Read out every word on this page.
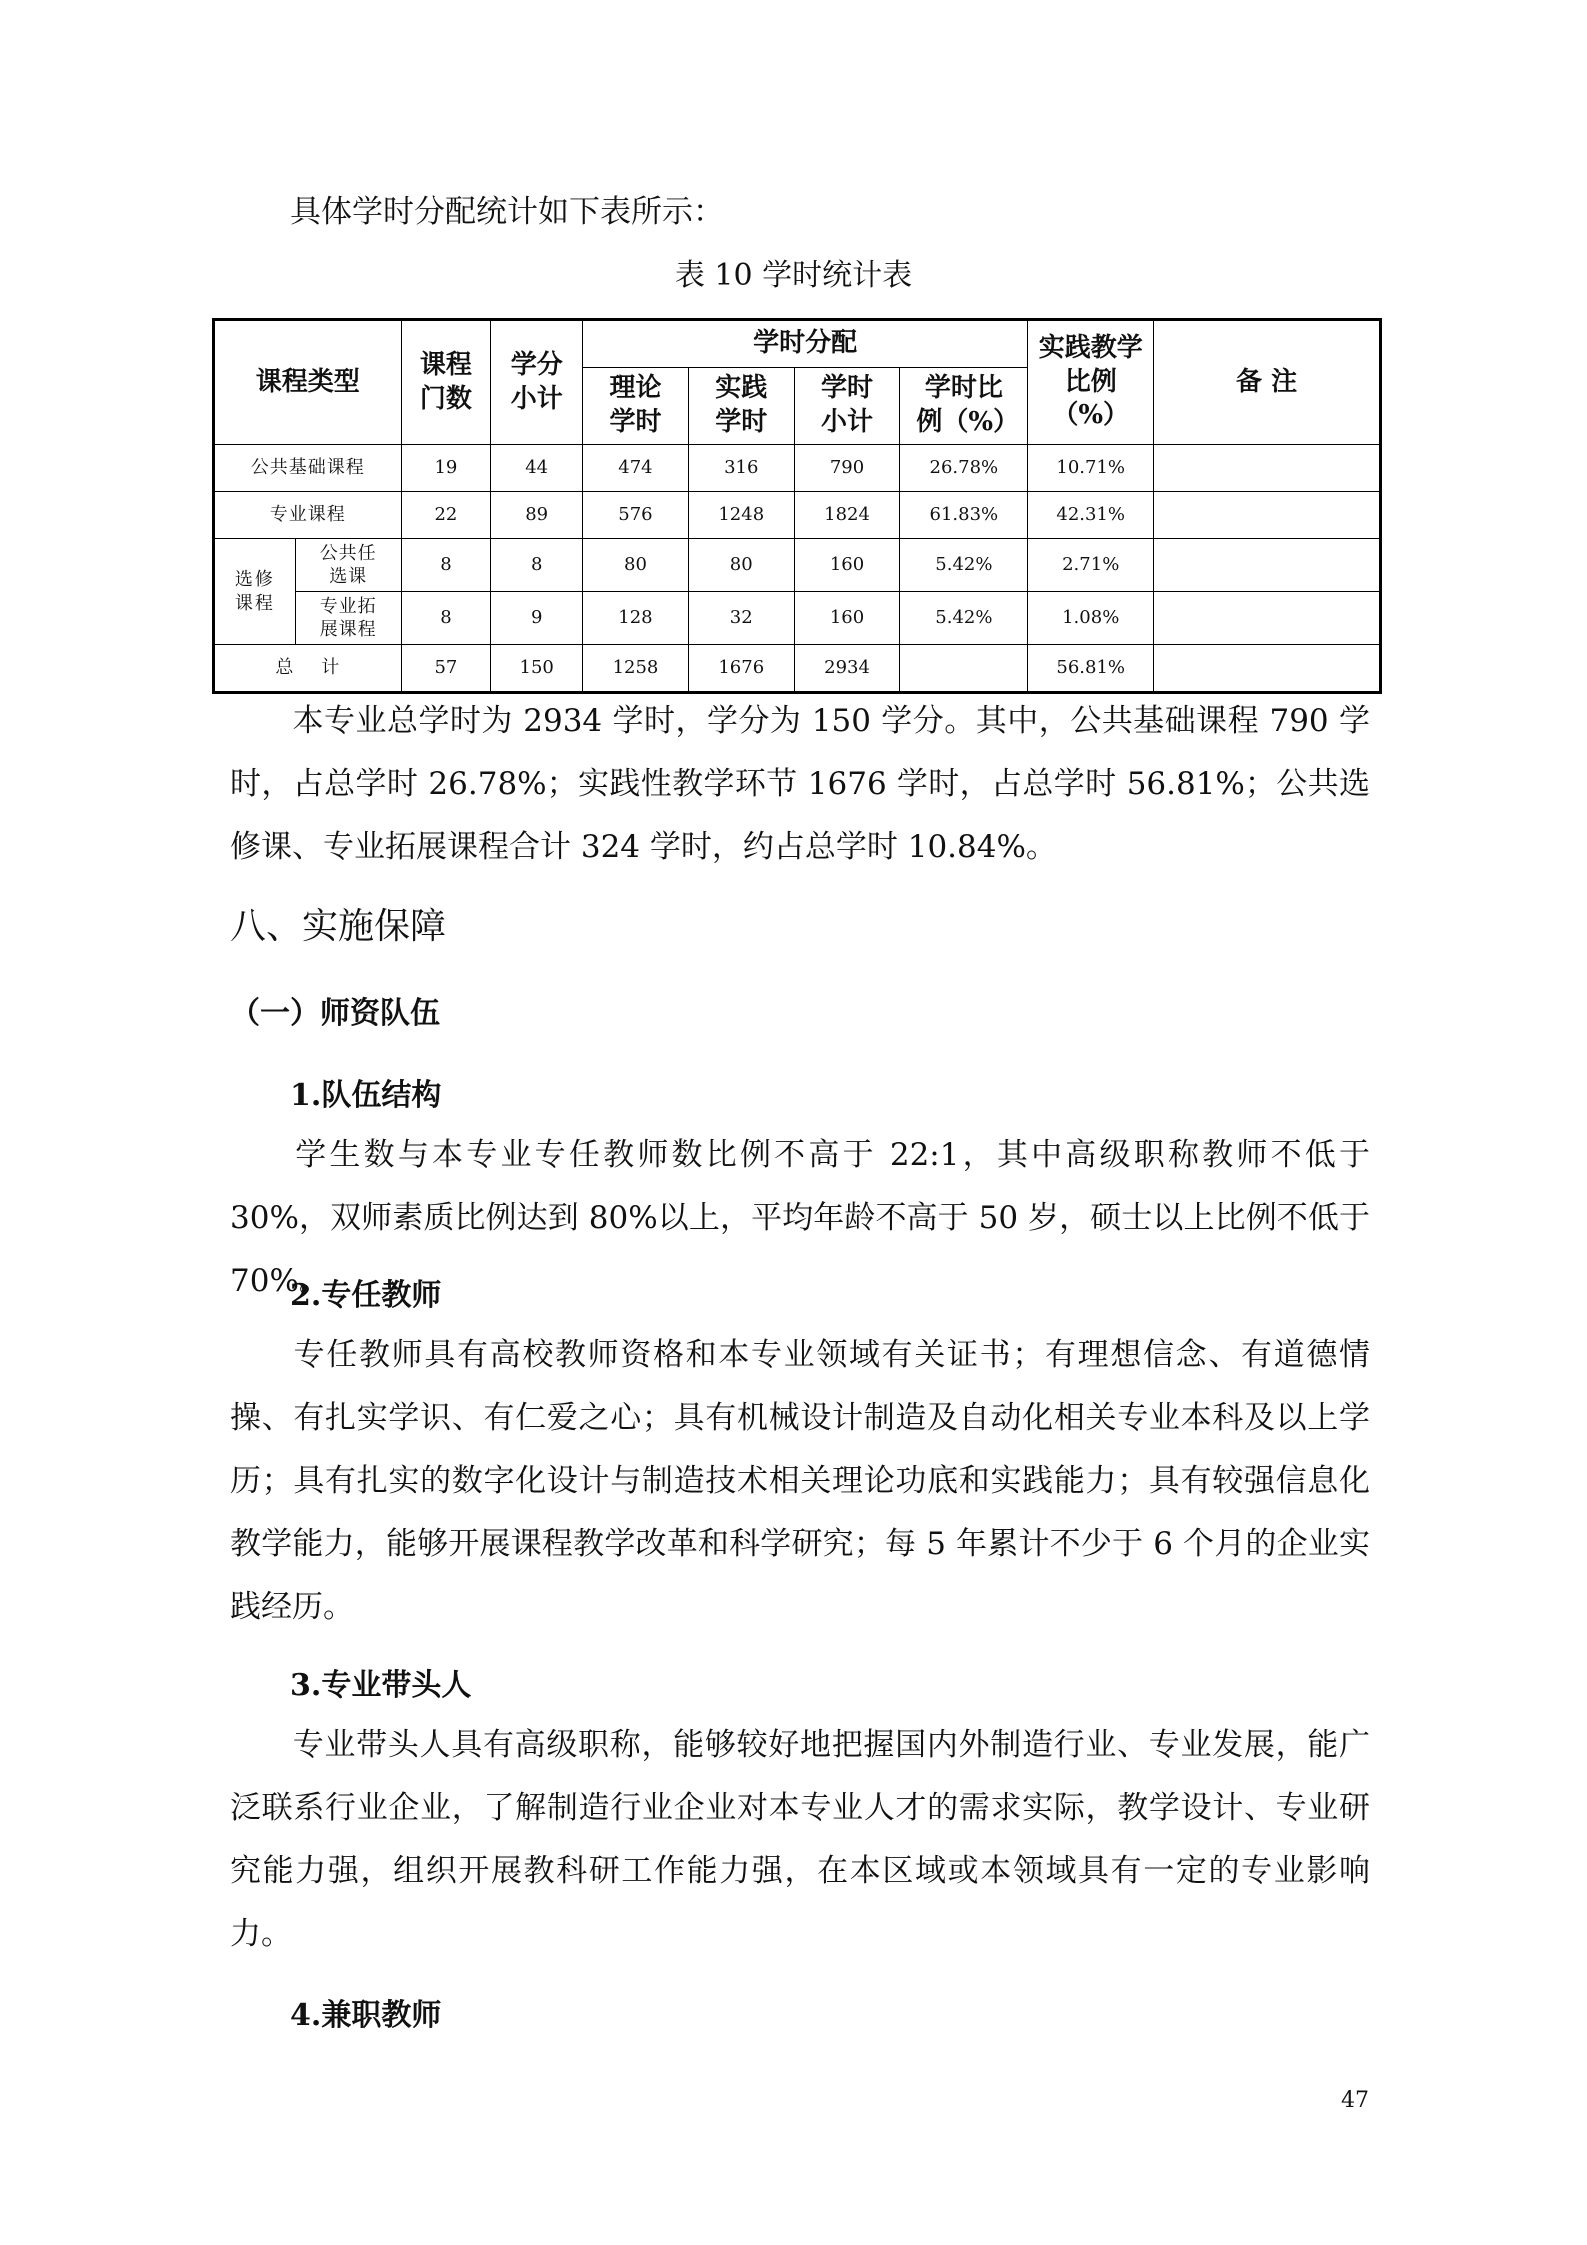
具体学时分配统计如下表所示：
表 10 学时统计表
课程类型		课程门数	学分小计	学时分配				实践教学比例（%）	备 注
				理论学时	实践学时	学时小计	学时比例（%）		
公共基础课程		19	44	474	316	790	26.78%	10.71%	
专业课程		22	89	576	1248	1824	61.83%	42.31%	
选修课程	公共任选课	8	8	80	80	160	5.42%	2.71%	
	专业拓展课程	8	9	128	32	160	5.42%	1.08%	
总    计		57	150	1258	1676	2934		56.81%	
本专业总学时为 2934 学时，学分为 150 学分。其中，公共基础课程 790 学时，占总学时 26.78%；实践性教学环节 1676 学时，占总学时 56.81%；公共选修课、专业拓展课程合计 324 学时，约占总学时 10.84%。
八、实施保障
（一）师资队伍
1.队伍结构
学生数与本专业专任教师数比例不高于 22:1，其中高级职称教师不低于 30%，双师素质比例达到 80%以上，平均年龄不高于 50 岁，硕士以上比例不低于 70%。
2.专任教师
专任教师具有高校教师资格和本专业领域有关证书；有理想信念、有道德情操、有扎实学识、有仁爱之心；具有机械设计制造及自动化相关专业本科及以上学历；具有扎实的数字化设计与制造技术相关理论功底和实践能力；具有较强信息化教学能力，能够开展课程教学改革和科学研究；每 5 年累计不少于 6 个月的企业实践经历。
3.专业带头人
专业带头人具有高级职称，能够较好地把握国内外制造行业、专业发展，能广泛联系行业企业，了解制造行业企业对本专业人才的需求实际，教学设计、专业研究能力强，组织开展教科研工作能力强，在本区域或本领域具有一定的专业影响力。
4.兼职教师
47
